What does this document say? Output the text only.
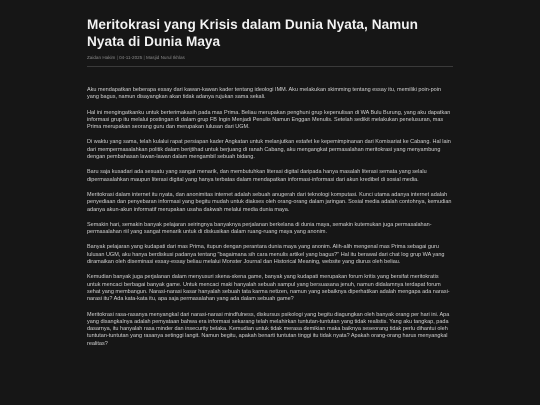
Meritokrasi yang Krisis dalam Dunia Nyata, Namun Nyata di Dunia Maya
Zaidan Hakim | 04-11-2025 | Masjid Nurul Ikhlas

Aku mendapatkan beberapa essay dari kawan-kawan kader tentang ideologi IMM. Aku melakukan skimming tentang essay itu, memiliki poin-poin yang bagus, namun disayangkan akan tidak adanya rujukan sama sekali.

Hal ini mengingatkanku untuk berterimakasih pada mas Prima. Beliau merupakan penghuni grup kepenulisan di WA Bulu Burung, yang aku dapatkan informasi grup itu melalui postingan di dalam grup FB Ingin Menjadi Penulis Namun Enggan Menulis. Setelah sedikit melakukan penelusuran, mas Prima merupakan seorang guru dan merupakan lulusan dari UGM.

Di waktu yang sama, telah kulalui rapat persiapan kader Angkatan untuk melanjutkan estafet ke kepemimpinanan dari Komisariat ke Cabang. Hal lain dari mempermasalahkan politik dalam berijtihad untuk berjuang di ranah Cabang, aku mengangkat permasalahan meritokrasi yang menyambung dengan pembahasan lawan-lawan dalam mengambil sebuah bidang.

Baru saja kusadari ada sesuatu yang sangat menarik, dan membutuhkan literasi digital daripada hanya masalah literasi semata yang selalu dipermasalahkan maupun literasi digital yang hanya terbatas dalam mendapatkan informasi-informasi dari akun kredibel di sosial media.

Meritokrasi dalam internet itu nyata, dan anonimitas internet adalah sebuah anugerah dari teknologi komputasi. Kunci utama adanya internet adalah penyediaan dan penyebaran informasi yang begitu mudah untuk diakses oleh orang-orang dalam jaringan. Sosial media adalah contohnya, kemudian adanya akun-akun informatif merupakan usaha dakwah melalui media dunia maya.

Semakin hari, semakin banyak pelajaran seiringnya banyaknya perjalanan berkelana di dunia maya, semakin kutemukan juga permasalahan-permasalahan riil yang sangat menarik untuk di diskusikan dalam ruang-ruang maya yang anonim.

Banyak pelajaran yang kudapati dari mas Prima, itupun dengan perantara dunia maya yang anonim. Alih-alih mengenal mas Prima sebagai guru lulusan UGM, aku hanya berdiskusi padanya tentang "bagaimana sih cara menulis artikel yang bagus?" Hal itu berawal dari chat log grup WA yang diramaikan oleh diseminasi essay-essay beliau melalui Monster Journal dan Historical Meaning, website yang diurus oleh beliau.

Kemudian banyak juga perjalanan dalam menyusuri skena-skena game, banyak yang kudapati merupakan forum kritis yang bersifat meritokratis untuk mencaci berbagai banyak game. Untuk mencaci maki hanyalah sebuah sampul yang bersuasana jenuh, namun didalamnya terdapat forum sehat yang membangun. Narasi-narasi kasar hanyalah sebuah tata karma netizen, namun yang sebaiknya diperhatikan adalah mengapa ada narasi-narasi itu? Ada kata-kata itu, apa saja permasalahan yang ada dalam sebuah game?

Meritokrasi rasa-rasanya menyangkal dari narasi-narasi mindfulness, diskursus psikologi yang begitu diagungkan oleh banyak orang per hari ini. Apa yang disangkalnya adalah pemyataan bahwa era informasi sekarang telah melahirkan tuntutan-tuntutan yang tidak realistis. Yang aku tangkap, pada dasarnya, itu hanyalah rasa minder dan insecurity belaka. Kemudian untuk tidak merasa demikian maka baiknya seseorang tidak perlu dihantui oleh tuntutan-tuntutan yang rasanya setinggi langit. Namun begitu, apakah benarti tuntutan tinggi itu tidak nyata? Apakah orang-orang harus menyangkal realitas?
